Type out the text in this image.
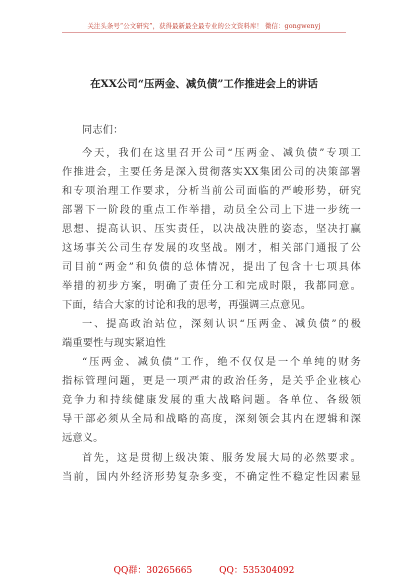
关注头条号“公文研究”，获得最新最全最专业的公文资料库！ 微信：gongwenyj
在XX公司“压两金、减负债”工作推进会上的讲话
同志们：
今天，我们在这里召开公司“压两金、减负债”专项工
作推进会，主要任务是深入贯彻落实XX集团公司的决策部署
和专项治理工作要求，分析当前公司面临的严峻形势，研究
部署下一阶段的重点工作举措，动员全公司上下进一步统一
思想、提高认识、压实责任，以决战决胜的姿态，坚决打赢
这场事关公司生存发展的攻坚战。刚才，相关部门通报了公
司目前“两金”和负债的总体情况，提出了包含十七项具体
举措的初步方案，明确了责任分工和完成时限，我都同意。
下面，结合大家的讨论和我的思考，再强调三点意见。
一、提高政治站位，深刻认识“压两金、减负债”的极
端重要性与现实紧迫性
“压两金、减负债”工作，绝不仅仅是一个单纯的财务
指标管理问题，更是一项严肃的政治任务，是关乎企业核心
竞争力和持续健康发展的重大战略问题。各单位、各级领
导干部必须从全局和战略的高度，深刻领会其内在逻辑和深
远意义。
首先，这是贯彻上级决策、服务发展大局的必然要求。
当前，国内外经济形势复杂多变，不确定性不稳定性因素显
QQ群：30265665	QQ：535304092
